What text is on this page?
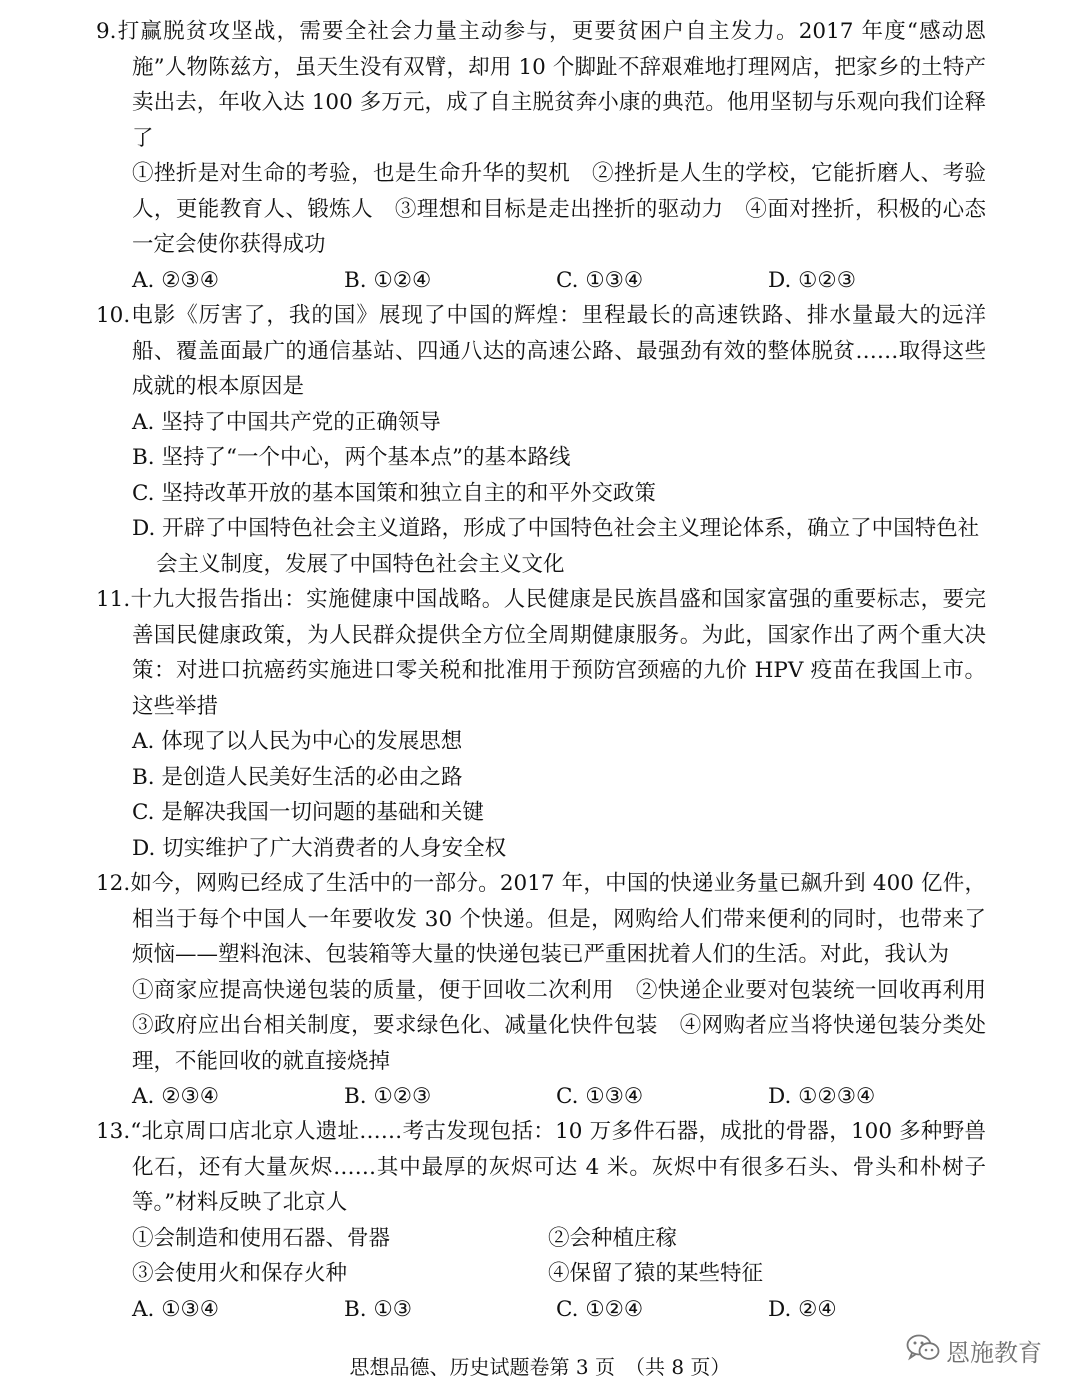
9.打赢脱贫攻坚战，需要全社会力量主动参与，更要贫困户自主发力。2017 年度“感动恩施”人物陈兹方，虽天生没有双臂，却用 10 个脚趾不辞艰难地打理网店，把家乡的土特产卖出去，年收入达 100 多万元，成了自主脱贫奔小康的典范。他用坚韧与乐观向我们诠释了

①挫折是对生命的考验，也是生命升华的契机　②挫折是人生的学校，它能折磨人、考验人，更能教育人、锻炼人　③理想和目标是走出挫折的驱动力　④面对挫折，积极的心态一定会使你获得成功

A. ②③④	B. ①②④	C. ①③④	D. ①②③

10.电影《厉害了，我的国》展现了中国的辉煌：里程最长的高速铁路、排水量最大的远洋船、覆盖面最广的通信基站、四通八达的高速公路、最强劲有效的整体脱贫……取得这些成就的根本原因是

A. 坚持了中国共产党的正确领导

B. 坚持了“一个中心，两个基本点”的基本路线

C. 坚持改革开放的基本国策和独立自主的和平外交政策

D. 开辟了中国特色社会主义道路，形成了中国特色社会主义理论体系，确立了中国特色社会主义制度，发展了中国特色社会主义文化

11.十九大报告指出：实施健康中国战略。人民健康是民族昌盛和国家富强的重要标志，要完善国民健康政策，为人民群众提供全方位全周期健康服务。为此，国家作出了两个重大决策：对进口抗癌药实施进口零关税和批准用于预防宫颈癌的九价 HPV 疫苗在我国上市。这些举措

A. 体现了以人民为中心的发展思想

B. 是创造人民美好生活的必由之路

C. 是解决我国一切问题的基础和关键

D. 切实维护了广大消费者的人身安全权

12.如今，网购已经成了生活中的一部分。2017 年，中国的快递业务量已飙升到 400 亿件，相当于每个中国人一年要收发 30 个快递。但是，网购给人们带来便利的同时，也带来了烦恼——塑料泡沫、包装箱等大量的快递包装已严重困扰着人们的生活。对此，我认为

①商家应提高快递包装的质量，便于回收二次利用　②快递企业要对包装统一回收再利用　③政府应出台相关制度，要求绿色化、减量化快件包装　④网购者应当将快递包装分类处理，不能回收的就直接烧掉

A. ②③④	B. ①②③	C. ①③④	D. ①②③④

13.“北京周口店北京人遗址……考古发现包括：10 万多件石器，成批的骨器，100 多种野兽化石，还有大量灰烬……其中最厚的灰烬可达 4 米。灰烬中有很多石头、骨头和朴树子等。”材料反映了北京人

①会制造和使用石器、骨器	②会种植庄稼
③会使用火和保存火种	④保留了猿的某些特征
A. ①③④	B. ①③	C. ①②④	D. ②④
思想品德、历史试题卷第 3 页　（共 8 页）
恩施教育
